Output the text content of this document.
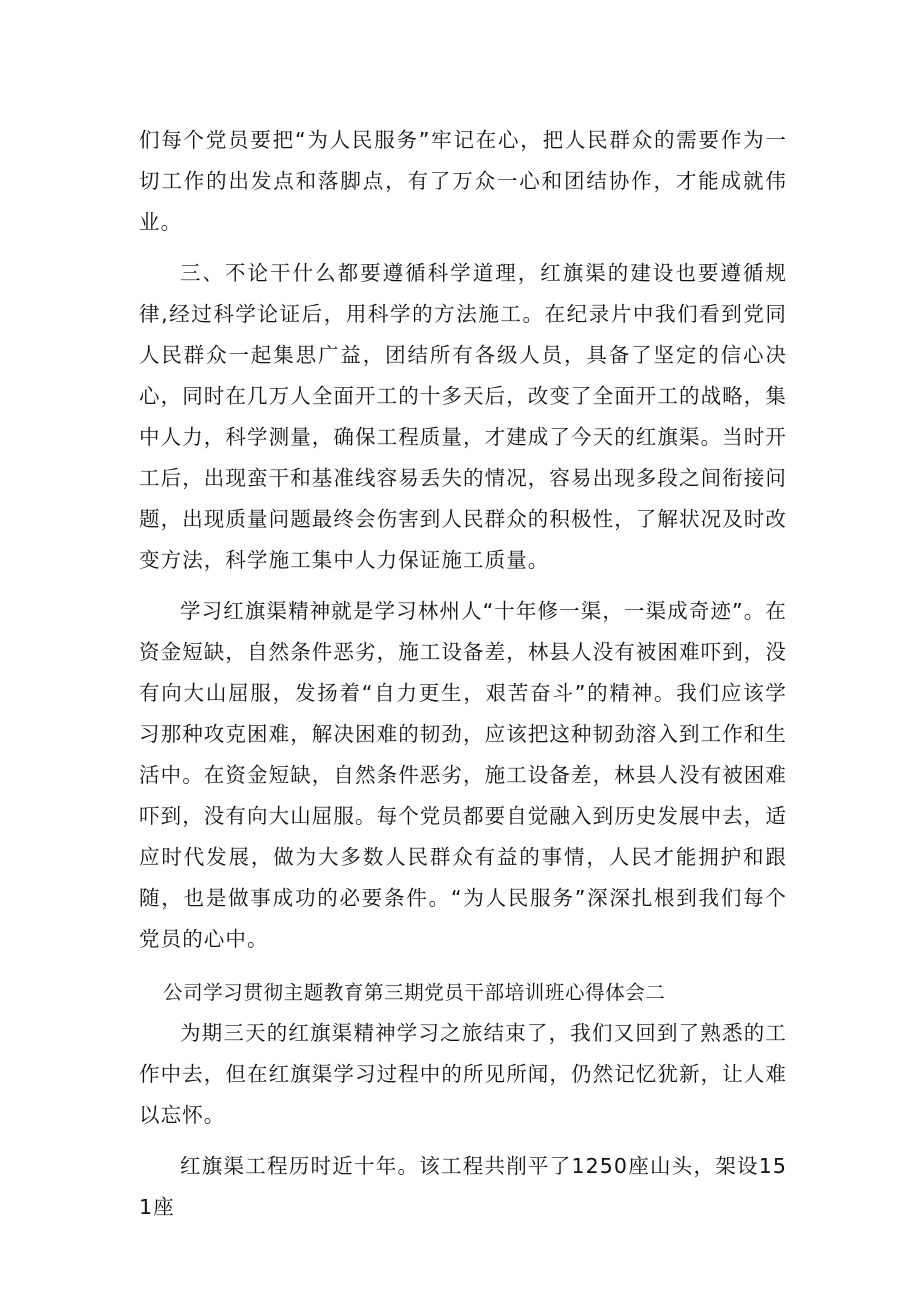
们每个党员要把“为人民服务”牢记在心，把人民群众的需要作为一切工作的出发点和落脚点，有了万众一心和团结协作，才能成就伟业。

三、不论干什么都要遵循科学道理，红旗渠的建设也要遵循规律,经过科学论证后，用科学的方法施工。在纪录片中我们看到党同人民群众一起集思广益，团结所有各级人员，具备了坚定的信心决心，同时在几万人全面开工的十多天后，改变了全面开工的战略，集中人力，科学测量，确保工程质量，才建成了今天的红旗渠。当时开工后，出现蛮干和基准线容易丢失的情况，容易出现多段之间衔接问题，出现质量问题最终会伤害到人民群众的积极性，了解状况及时改变方法，科学施工集中人力保证施工质量。

学习红旗渠精神就是学习林州人“十年修一渠，一渠成奇迹”。在资金短缺，自然条件恶劣，施工设备差，林县人没有被困难吓到，没有向大山屈服，发扬着“自力更生，艰苦奋斗”的精神。我们应该学习那种攻克困难，解决困难的韧劲，应该把这种韧劲溶入到工作和生活中。在资金短缺，自然条件恶劣，施工设备差，林县人没有被困难吓到，没有向大山屈服。每个党员都要自觉融入到历史发展中去，适应时代发展，做为大多数人民群众有益的事情，人民才能拥护和跟随，也是做事成功的必要条件。“为人民服务”深深扎根到我们每个党员的心中。

公司学习贯彻主题教育第三期党员干部培训班心得体会二

为期三天的红旗渠精神学习之旅结束了，我们又回到了熟悉的工作中去，但在红旗渠学习过程中的所见所闻，仍然记忆犹新，让人难以忘怀。

红旗渠工程历时近十年。该工程共削平了1250座山头，架设151座
